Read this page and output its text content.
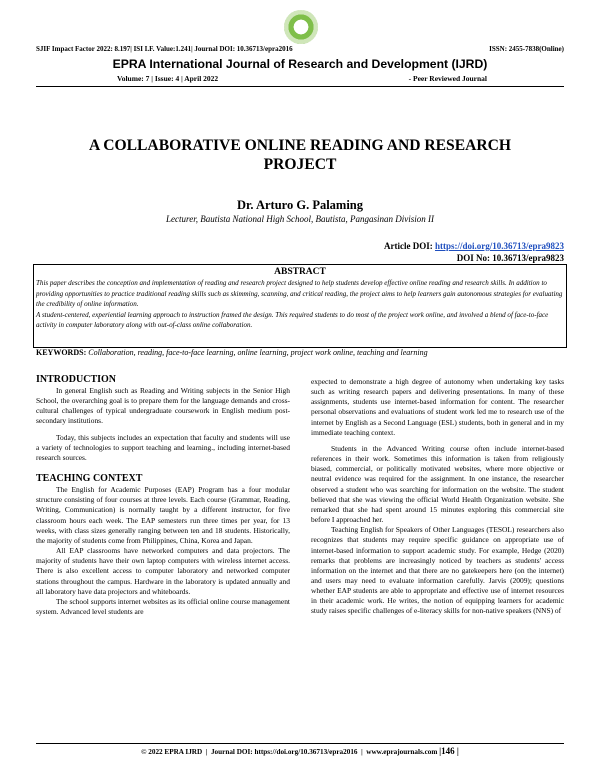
SJIF Impact Factor 2022: 8.197| ISI I.F. Value:1.241| Journal DOI: 10.36713/epra2016	ISSN: 2455-7838(Online)
EPRA International Journal of Research and Development (IJRD)
Volume: 7 | Issue: 4 | April 2022	- Peer Reviewed Journal
A COLLABORATIVE ONLINE READING AND RESEARCH PROJECT
Dr. Arturo G. Palaming
Lecturer, Bautista National High School, Bautista, Pangasinan Division II
Article DOI: https://doi.org/10.36713/epra9823
DOI No: 10.36713/epra9823
ABSTRACT
This paper describes the conception and implementation of reading and research project designed to help students develop effective online reading and research skills. In addition to providing opportunities to practice traditional reading skills such as skimming, scanning, and critical reading, the project aims to help learners gain autonomous strategies for evaluating the credibility of online information.
A student-centered, experiential learning approach to instruction framed the design. This required students to do most of the project work online, and involved a blend of face-to-face activity in computer laboratory along with out-of-class online collaboration.
KEYWORDS: Collaboration, reading, face-to-face learning, online learning, project work online, teaching and learning
INTRODUCTION

In general English such as Reading and Writing subjects in the Senior High School, the overarching goal is to prepare them for the language demands and cross-cultural challenges of typical undergraduate coursework in English medium post-secondary institutions.

Today, this subjects includes an expectation that faculty and students will use a variety of technologies to support teaching and learning., including internet-based research sources.

TEACHING CONTEXT

The English for Academic Purposes (EAP) Program has a four modular structure consisting of four courses at three levels. Each course (Grammar, Reading, Writing, Communication) is normally taught by a different instructor, for five classroom hours each week. The EAP semesters run three times per year, for 13 weeks, with class sizes generally ranging between ten and 18 students. Historically, the majority of students come from Philippines, China, Korea and Japan.

All EAP classrooms have networked computers and data projectors. The majority of students have their own laptop computers with wireless internet access. There is also excellent access to computer laboratory and networked computer stations throughout the campus. Hardware in the laboratory is updated annually and all laboratory have data projectors and whiteboards.

The school supports internet websites as its official online course management system. Advanced level students are

expected to demonstrate a high degree of autonomy when undertaking key tasks such as writing research papers and delivering presentations. In many of these assignments, students use internet-based information for content. The researcher personal observations and evaluations of student work led me to research use of the internet by English as a Second Language (ESL) students, both in general and in my immediate teaching context.

Students in the Advanced Writing course often include internet-based references in their work. Sometimes this information is taken from religiously biased, commercial, or politically motivated websites, where more objective or neutral evidence was required for the assignment. In one instance, the researcher observed a student who was searching for information on the website. The student believed that she was viewing the official World Health Organization website. She remarked that she had spent around 15 minutes exploring this commercial site before I approached her.

Teaching English for Speakers of Other Languages (TESOL) researchers also recognizes that students may require specific guidance on appropriate use of internet-based information to support academic study. For example, Hedge (2020) remarks that problems are increasingly noticed by teachers as students' access information on the internet and that there are no gatekeepers here (on the internet) and users may need to evaluate information carefully. Jarvis (2009); questions whether EAP students are able to appropriate and effective use of internet resources in their academic work. He writes, the notion of equipping learners for academic study raises specific challenges of e-literacy skills for non-native speakers (NNS) of

© 2022 EPRA IJRD | Journal DOI: https://doi.org/10.36713/epra2016 | www.eprajournals.com |146 |
